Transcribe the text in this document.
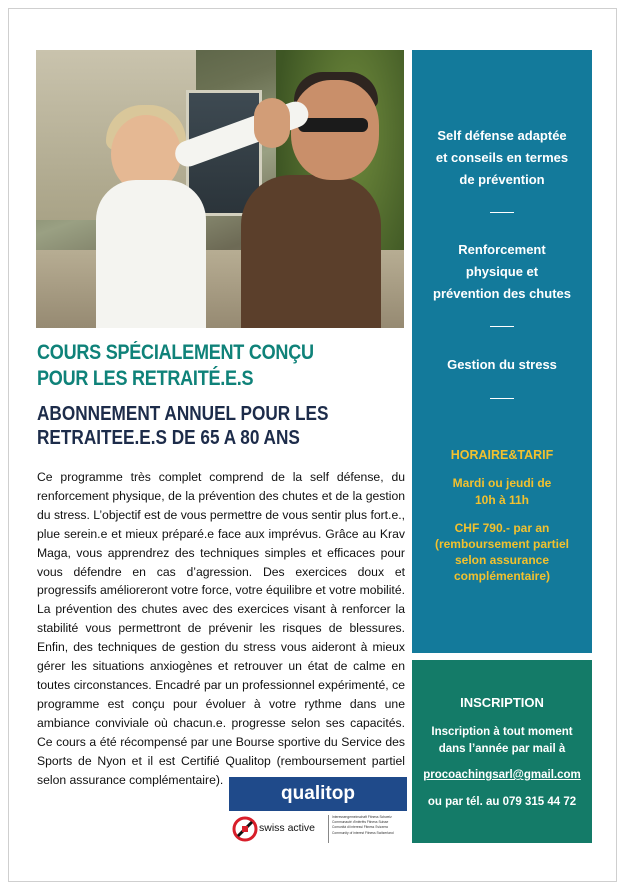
COURS SPÉCIALEMENT CONÇU
POUR LES RETRAITÉ.E.S
ABONNEMENT ANNUEL POUR LES
RETRAITEE.E.S DE 65 A 80 ANS
Ce programme très complet comprend de la self défense, du renforcement physique, de la prévention des chutes et de la gestion du stress. L’objectif est de vous permettre de vous sentir plus fort.e., plue serein.e et mieux préparé.e face aux imprévus. Grâce au Krav Maga, vous apprendrez des techniques simples et efficaces pour vous défendre en cas d’agression. Des exercices doux et progressifs amélioreront votre force, votre équilibre et votre mobilité. La prévention des chutes avec des exercices visant à renforcer la stabilité vous permettront de prévenir les risques de blessures. Enfin, des techniques de gestion du stress vous aideront à mieux gérer les situations anxiogènes et retrouver un état de calme en toutes circonstances. Encadré par un professionnel expérimenté, ce programme est conçu pour évoluer à votre rythme dans une ambiance conviviale où chacun.e. progresse selon ses capacités. Ce cours a été récompensé par une Bourse sportive du Service des Sports de Nyon et il est Certifié Qualitop (remboursement partiel selon assurance complémentaire).
qualitop
swiss active
Interessengemeinschaft Fitness Schweiz
Communauté d'intérêts Fitness Suisse
Comunità di interessi Fitness Svizzera
Community of interest Fitness Switzerland
Self défense adaptée
et conseils en termes
de prévention
Renforcement
physique et
prévention des chutes
Gestion du stress
HORAIRE&TARIF
Mardi ou jeudi de
10h à 11h
CHF 790.- par an
(remboursement partiel
selon assurance
complémentaire)
INSCRIPTION
Inscription à tout moment
dans l’année par mail à
procoachingsarl@gmail.com
ou par tél. au 079 315 44 72
